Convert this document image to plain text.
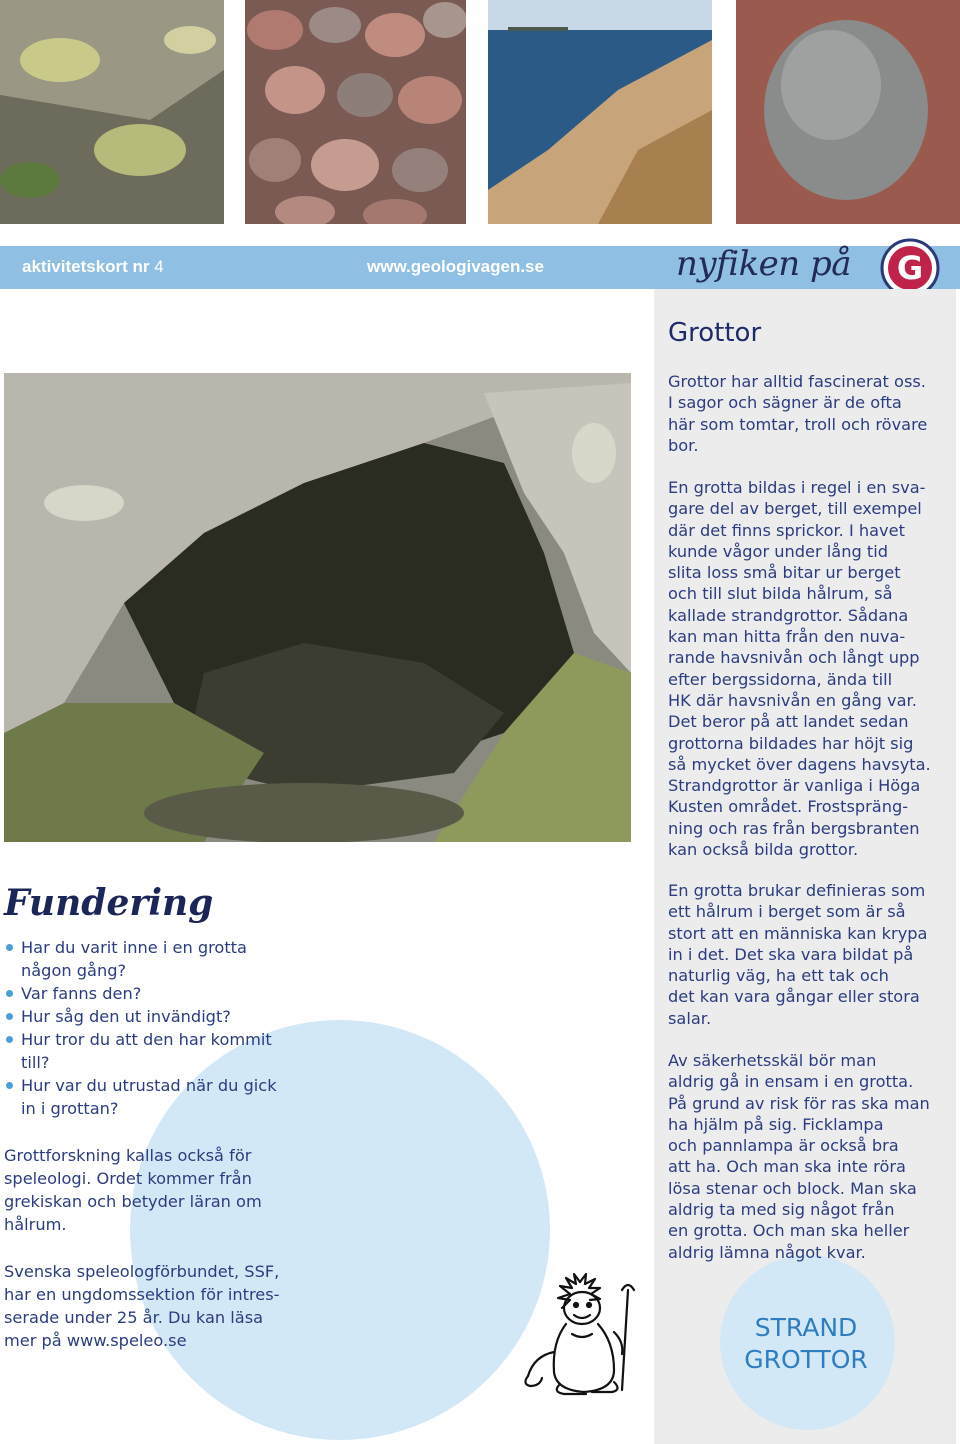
aktivitetskort nr 4	www.geologivagen.se	nyfiken på G
Grottor

Grottor har alltid fascinerat oss.
I sagor och sägner är de ofta
här som tomtar, troll och rövare
bor.

En grotta bildas i regel i en sva-
gare del av berget, till exempel
där det finns sprickor. I havet
kunde vågor under lång tid
slita loss små bitar ur berget
och till slut bilda hålrum, så
kallade strandgrottor. Sådana
kan man hitta från den nuva-
rande havsnivån och långt upp
efter bergssidorna, ända till
HK där havsnivån en gång var.
Det beror på att landet sedan
grottorna bildades har höjt sig
så mycket över dagens havsyta.
Strandgrottor är vanliga i Höga
Kusten området. Frostspräng-
ning och ras från bergsbranten
kan också bilda grottor.

Fundering
Har du varit inne i en grotta
någon gång?
Var fanns den?
Hur såg den ut invändigt?
Hur tror du att den har kommit
till?
Hur var du utrustad när du gick
in i grottan?

Grottforskning kallas också för
speleologi. Ordet kommer från
grekiskan och betyder läran om
hålrum.

Svenska speleologförbundet, SSF,
har en ungdomssektion för intres-
serade under 25 år. Du kan läsa
mer på www.speleo.se

En grotta brukar definieras som
ett hålrum i berget som är så
stort att en människa kan krypa
in i det. Det ska vara bildat på
naturlig väg, ha ett tak och
det kan vara gångar eller stora
salar.

Av säkerhetsskäl bör man
aldrig gå in ensam i en grotta.
På grund av risk för ras ska man
ha hjälm på sig. Ficklampa
och pannlampa är också bra
att ha. Och man ska inte röra
lösa stenar och block. Man ska
aldrig ta med sig något från
en grotta. Och man ska heller
aldrig lämna något kvar.

STRAND
GROTTOR
